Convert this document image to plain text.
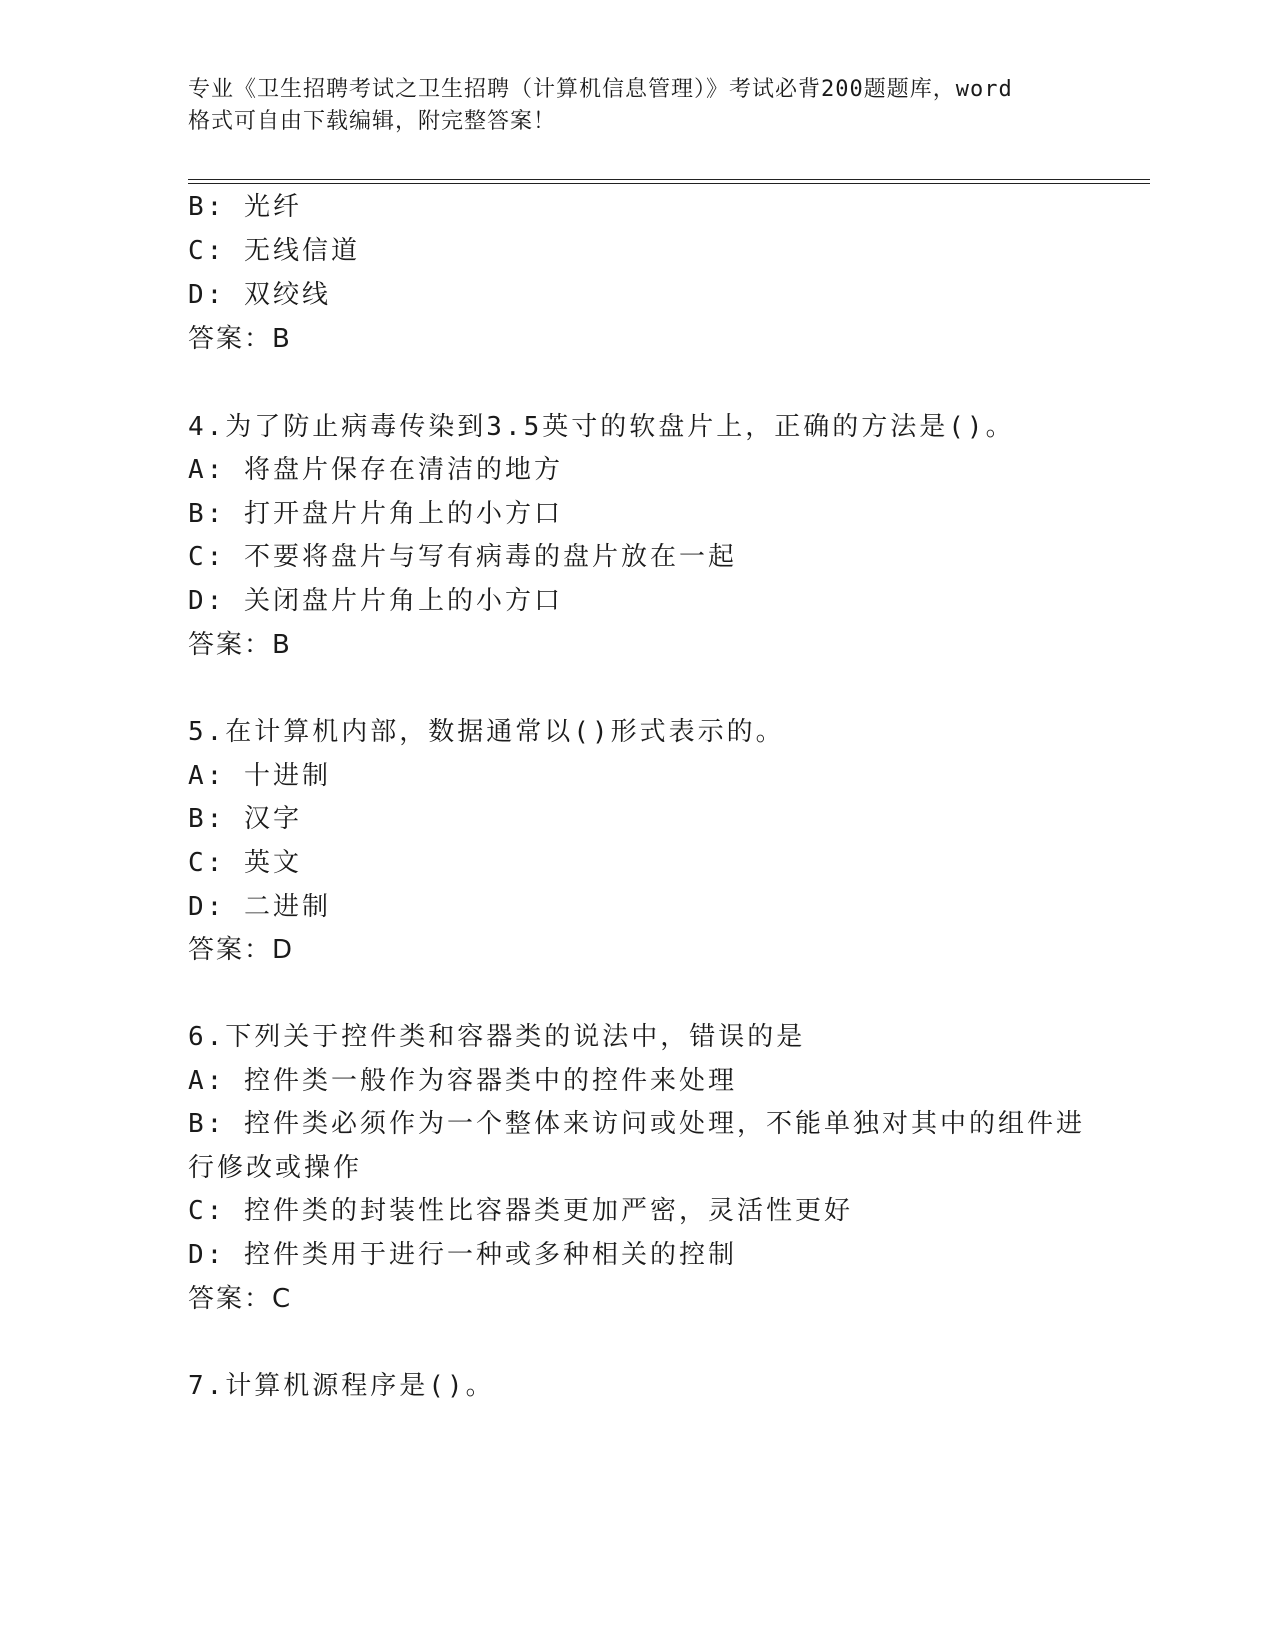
专业《卫生招聘考试之卫生招聘（计算机信息管理）》考试必背200题题库，word
格式可自由下载编辑，附完整答案！
B: 光纤
C: 无线信道
D: 双绞线
答案：B
4.为了防止病毒传染到3.5英寸的软盘片上，正确的方法是()。
A: 将盘片保存在清洁的地方
B: 打开盘片片角上的小方口
C: 不要将盘片与写有病毒的盘片放在一起
D: 关闭盘片片角上的小方口
答案：B
5.在计算机内部，数据通常以()形式表示的。
A: 十进制
B: 汉字
C: 英文
D: 二进制
答案：D
6.下列关于控件类和容器类的说法中，错误的是
A: 控件类一般作为容器类中的控件来处理
B: 控件类必须作为一个整体来访问或处理，不能单独对其中的组件进
行修改或操作
C: 控件类的封装性比容器类更加严密，灵活性更好
D: 控件类用于进行一种或多种相关的控制
答案：C
7.计算机源程序是()。
